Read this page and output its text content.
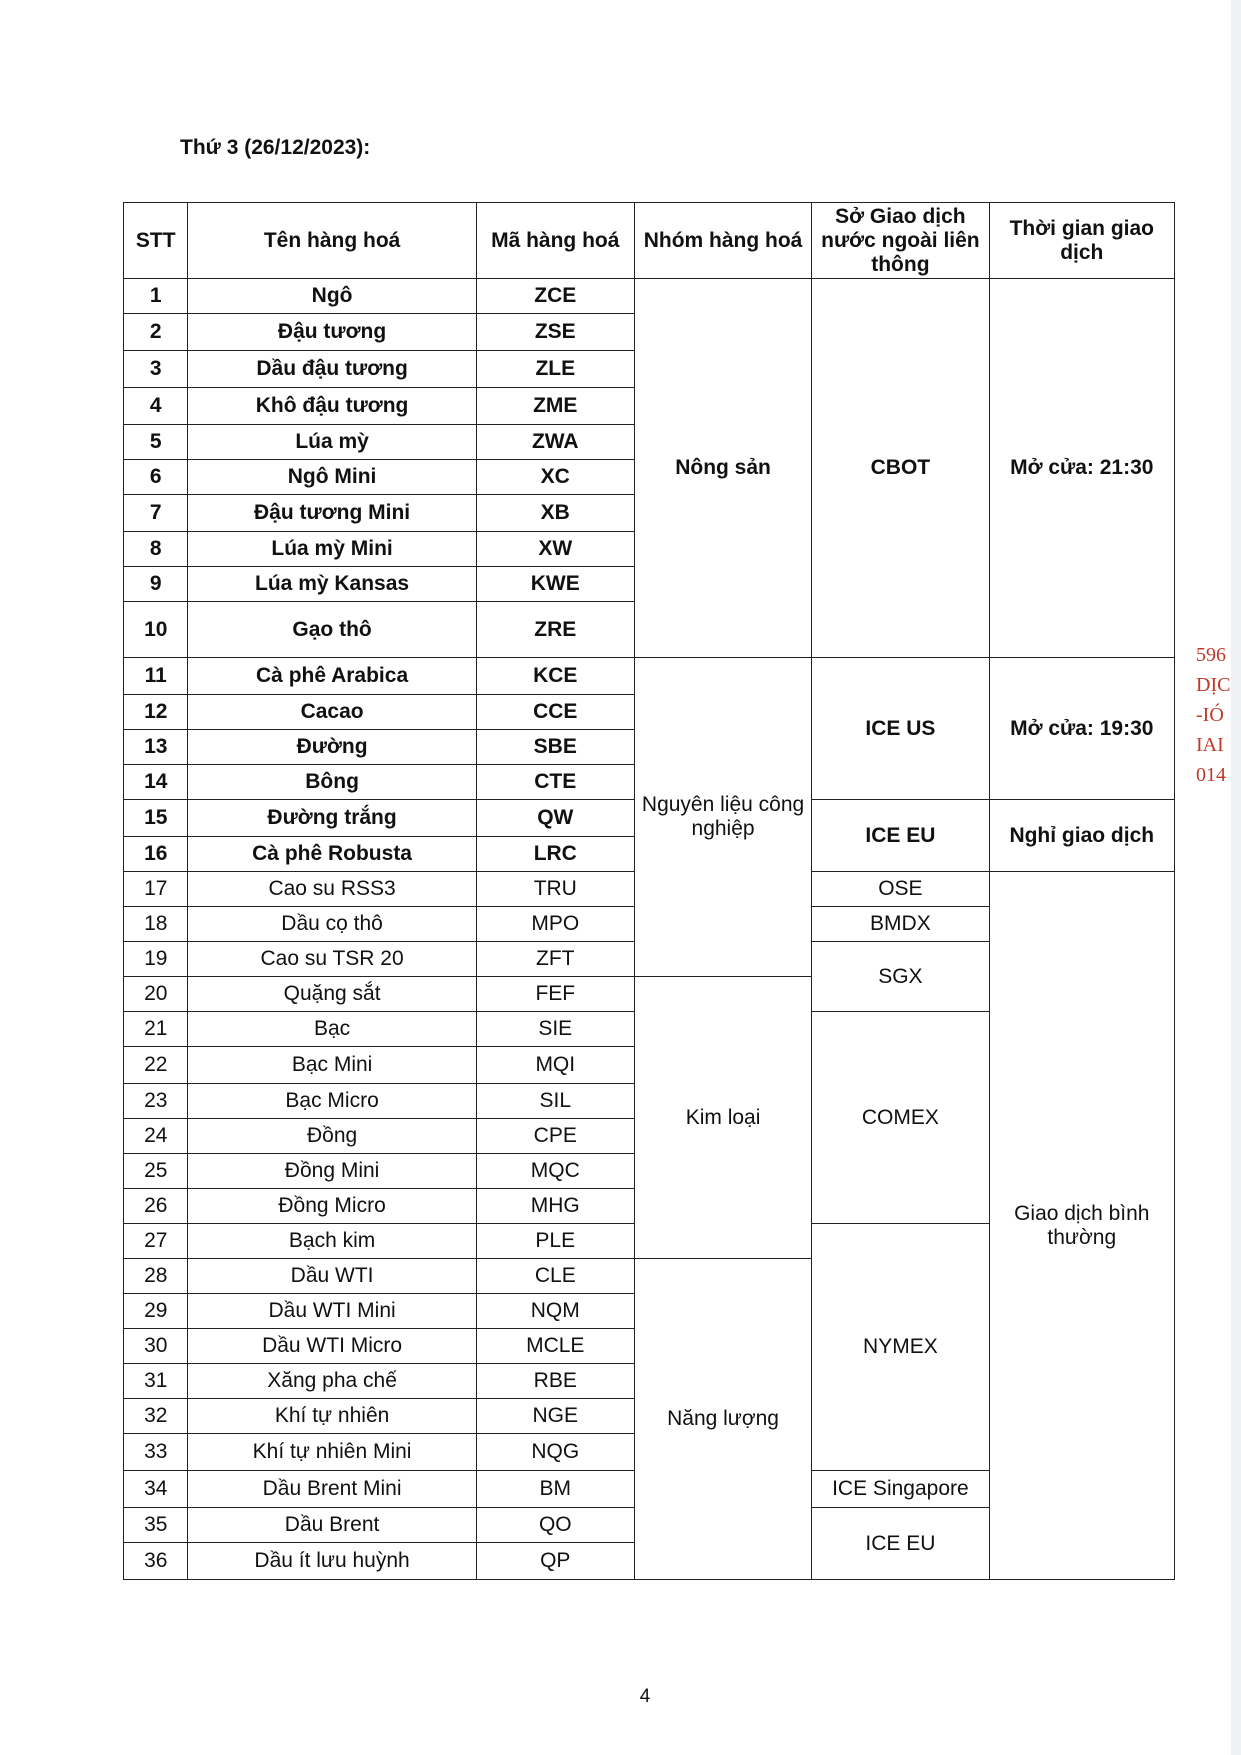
Thứ 3 (26/12/2023):
STT	Tên hàng hoá	Mã hàng hoá	Nhóm hàng hoá	Sở Giao dịch nước ngoài liên thông	Thời gian giao dịch
1	Ngô	ZCE	Nông sản	CBOT	Mở cửa: 21:30
2	Đậu tương	ZSE			
3	Dầu đậu tương	ZLE			
4	Khô đậu tương	ZME			
5	Lúa mỳ	ZWA			
6	Ngô Mini	XC			
7	Đậu tương Mini	XB			
8	Lúa mỳ Mini	XW			
9	Lúa mỳ Kansas	KWE			
10	Gạo thô	ZRE			
11	Cà phê Arabica	KCE	Nguyên liệu công nghiệp	ICE US	Mở cửa: 19:30
12	Cacao	CCE			
13	Đường	SBE			
14	Bông	CTE			
15	Đường trắng	QW		ICE EU	Nghỉ giao dịch
16	Cà phê Robusta	LRC			
17	Cao su RSS3	TRU		OSE	Giao dịch bình thường
18	Dầu cọ thô	MPO		BMDX	
19	Cao su TSR 20	ZFT		SGX	
20	Quặng sắt	FEF	Kim loại		
21	Bạc	SIE		COMEX	
22	Bạc Mini	MQI			
23	Bạc Micro	SIL			
24	Đồng	CPE			
25	Đồng Mini	MQC			
26	Đồng Micro	MHG			
27	Bạch kim	PLE		NYMEX	
28	Dầu WTI	CLE	Năng lượng		
29	Dầu WTI Mini	NQM			
30	Dầu WTI Micro	MCLE			
31	Xăng pha chế	RBE			
32	Khí tự nhiên	NGE			
33	Khí tự nhiên Mini	NQG			
34	Dầu Brent Mini	BM		ICE Singapore	
35	Dầu Brent	QO		ICE EU	
36	Dầu ít lưu huỳnh	QP			
596
DỊC
-IÓ
IAI
014
4
